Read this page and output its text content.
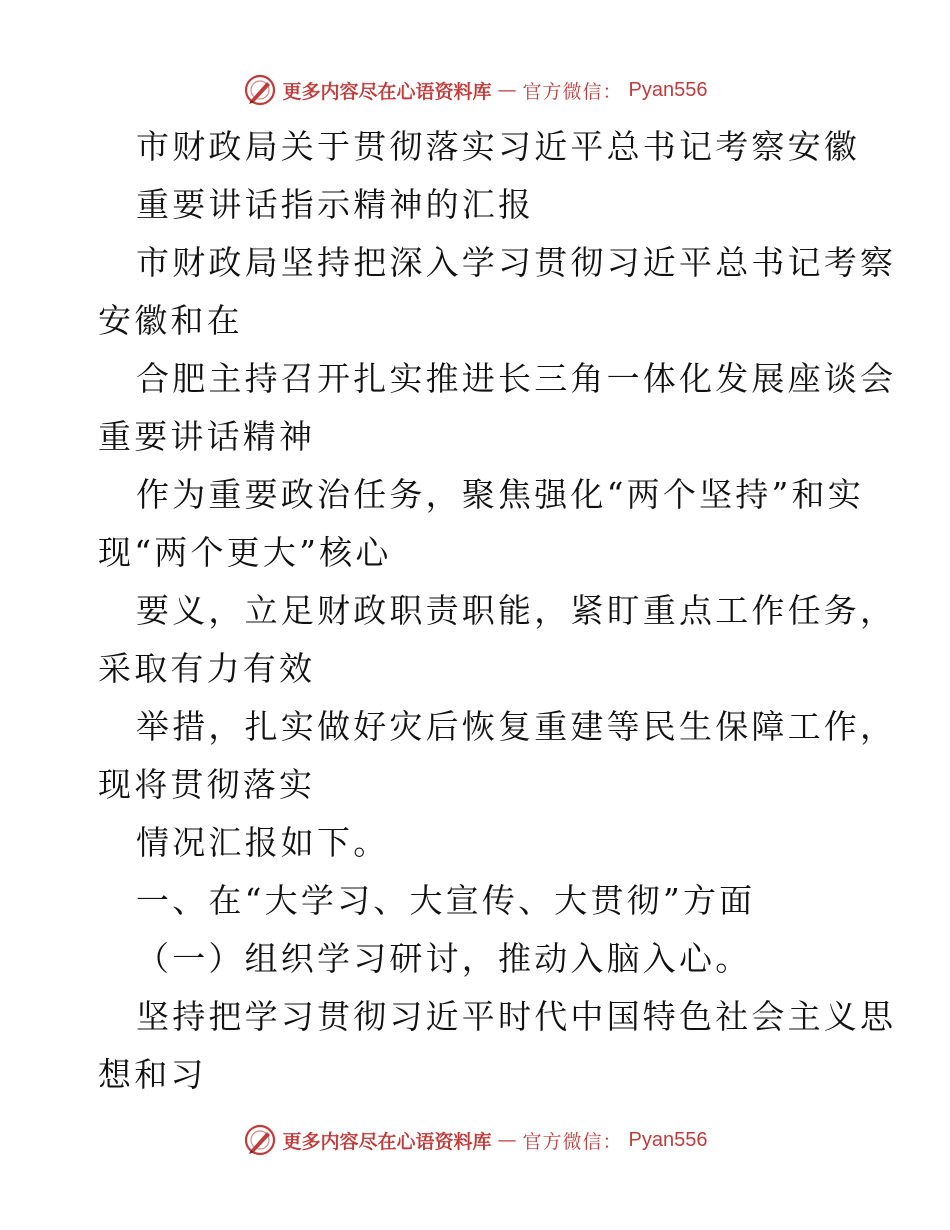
更多内容尽在心语资料库 — 官方微信： Pyan556
市财政局关于贯彻落实习近平总书记考察安徽
重要讲话指示精神的汇报
市财政局坚持把深入学习贯彻习近平总书记考察
安徽和在
合肥主持召开扎实推进长三角一体化发展座谈会
重要讲话精神
作为重要政治任务，聚焦强化“两个坚持”和实
现“两个更大”核心
要义，立足财政职责职能，紧盯重点工作任务，
采取有力有效
举措，扎实做好灾后恢复重建等民生保障工作，
现将贯彻落实
情况汇报如下。
一、在“大学习、大宣传、大贯彻”方面
（一）组织学习研讨，推动入脑入心。
坚持把学习贯彻习近平时代中国特色社会主义思
想和习
更多内容尽在心语资料库 — 官方微信： Pyan556
